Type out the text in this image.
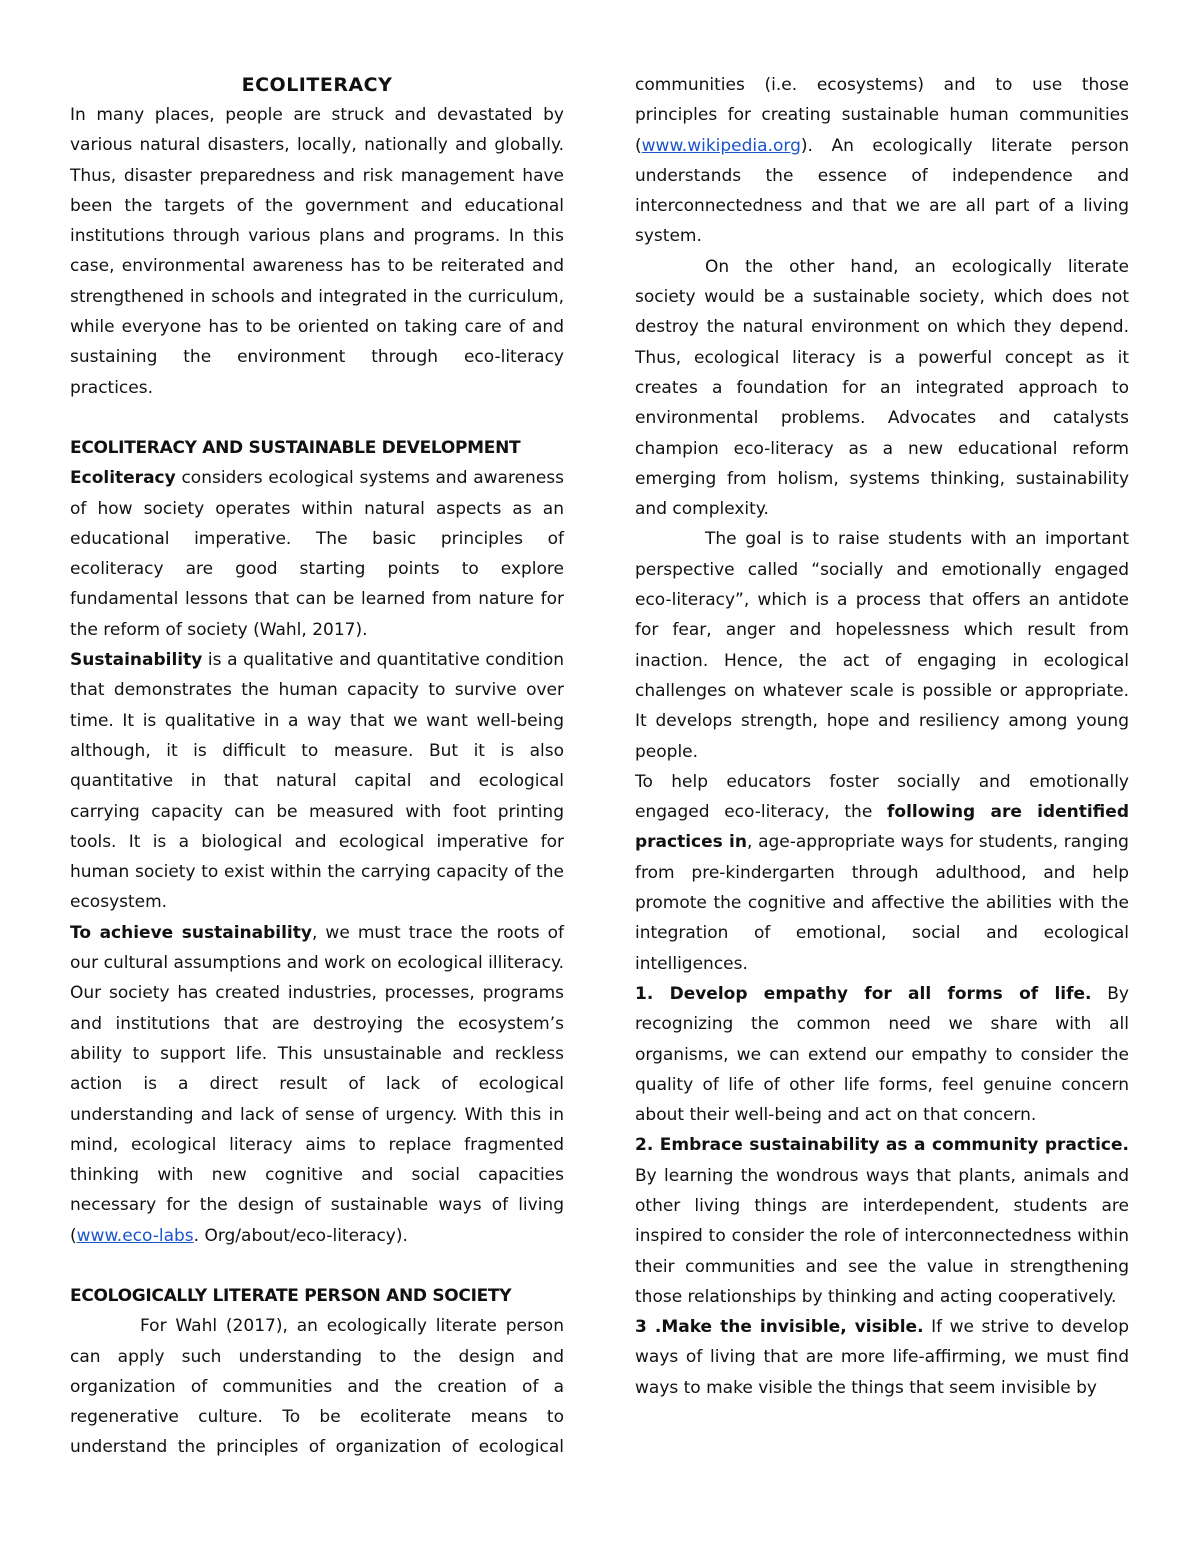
ECOLITERACY

In many places, people are struck and devastated by various natural disasters, locally, nationally and globally. Thus, disaster preparedness and risk management have been the targets of the government and educational institutions through various plans and programs. In this case, environmental awareness has to be reiterated and strengthened in schools and integrated in the curriculum, while everyone has to be oriented on taking care of and sustaining the environment through eco-literacy practices.

ECOLITERACY AND SUSTAINABLE DEVELOPMENT

Ecoliteracy considers ecological systems and awareness of how society operates within natural aspects as an educational imperative. The basic principles of ecoliteracy are good starting points to explore fundamental lessons that can be learned from nature for the reform of society (Wahl, 2017).

Sustainability is a qualitative and quantitative condition that demonstrates the human capacity to survive over time. It is qualitative in a way that we want well-being although, it is difficult to measure. But it is also quantitative in that natural capital and ecological carrying capacity can be measured with foot printing tools. It is a biological and ecological imperative for human society to exist within the carrying capacity of the ecosystem.

To achieve sustainability, we must trace the roots of our cultural assumptions and work on ecological illiteracy. Our society has created industries, processes, programs and institutions that are destroying the ecosystem’s ability to support life. This unsustainable and reckless action is a direct result of lack of ecological understanding and lack of sense of urgency. With this in mind, ecological literacy aims to replace fragmented thinking with new cognitive and social capacities necessary for the design of sustainable ways of living (www.eco-labs. Org/about/eco-literacy).

ECOLOGICALLY LITERATE PERSON AND SOCIETY

For Wahl (2017), an ecologically literate person can apply such understanding to the design and organization of communities and the creation of a regenerative culture. To be ecoliterate means to understand the principles of organization of ecological

communities (i.e. ecosystems) and to use those principles for creating sustainable human communities (www.wikipedia.org). An ecologically literate person understands the essence of independence and interconnectedness and that we are all part of a living system.

On the other hand, an ecologically literate society would be a sustainable society, which does not destroy the natural environment on which they depend. Thus, ecological literacy is a powerful concept as it creates a foundation for an integrated approach to environmental problems. Advocates and catalysts champion eco-literacy as a new educational reform emerging from holism, systems thinking, sustainability and complexity.

The goal is to raise students with an important perspective called “socially and emotionally engaged eco-literacy”, which is a process that offers an antidote for fear, anger and hopelessness which result from inaction. Hence, the act of engaging in ecological challenges on whatever scale is possible or appropriate. It develops strength, hope and resiliency among young people.

To help educators foster socially and emotionally engaged eco-literacy, the following are identified practices in, age-appropriate ways for students, ranging from pre-kindergarten through adulthood, and help promote the cognitive and affective the abilities with the integration of emotional, social and ecological intelligences.

1. Develop empathy for all forms of life. By recognizing the common need we share with all organisms, we can extend our empathy to consider the quality of life of other life forms, feel genuine concern about their well-being and act on that concern.

2. Embrace sustainability as a community practice. By learning the wondrous ways that plants, animals and other living things are interdependent, students are inspired to consider the role of interconnectedness within their communities and see the value in strengthening those relationships by thinking and acting cooperatively.

3 .Make the invisible, visible. If we strive to develop ways of living that are more life-affirming, we must find ways to make visible the things that seem invisible by
